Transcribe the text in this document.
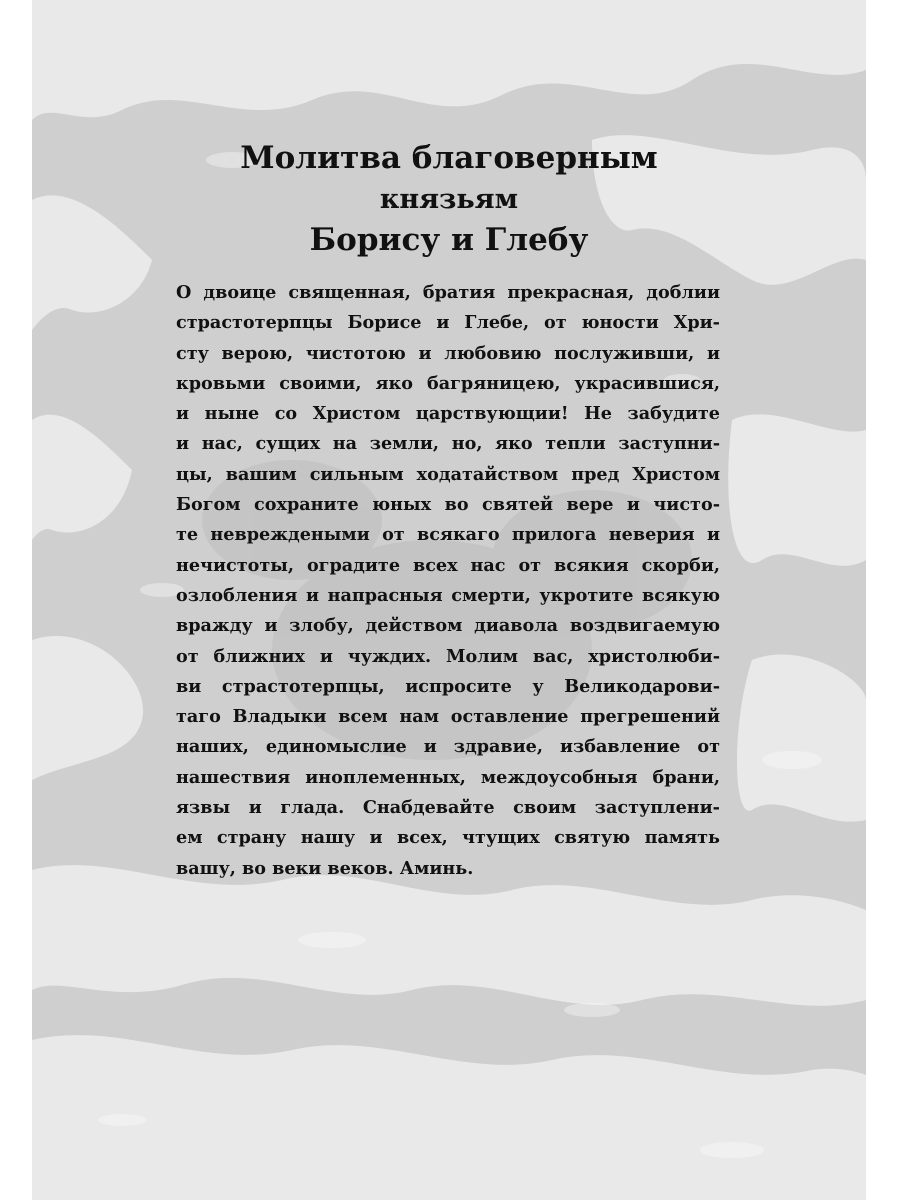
Молитва благоверным
князьям
Борису и Глебу
О двоице священная, братия прекрасная, доблии
страстотерпцы Борисе и Глебе, от юности Хри-
сту верою, чистотою и любовию послуживши, и
кровьми своими, яко багряницею, украсившися,
и ныне со Христом царствующии! Не забудите
и нас, сущих на земли, но, яко тепли заступни-
цы, вашим сильным ходатайством пред Христом
Богом сохраните юных во святей вере и чисто-
те невреждеными от всякаго прилога неверия и
нечистоты, оградите всех нас от всякия скорби,
озлобления и напрасныя смерти, укротите всякую
вражду и злобу, действом диавола воздвигаемую
от ближних и чуждих. Молим вас, христолюби-
ви страстотерпцы, испросите у Великодарови-
таго Владыки всем нам оставление прегрешений
наших, единомыслие и здравие, избавление от
нашествия иноплеменных, междоусобныя брани,
язвы и глада. Снабдевайте своим заступлени-
ем страну нашу и всех, чтущих святую память
вашу, во веки веков. Аминь.
